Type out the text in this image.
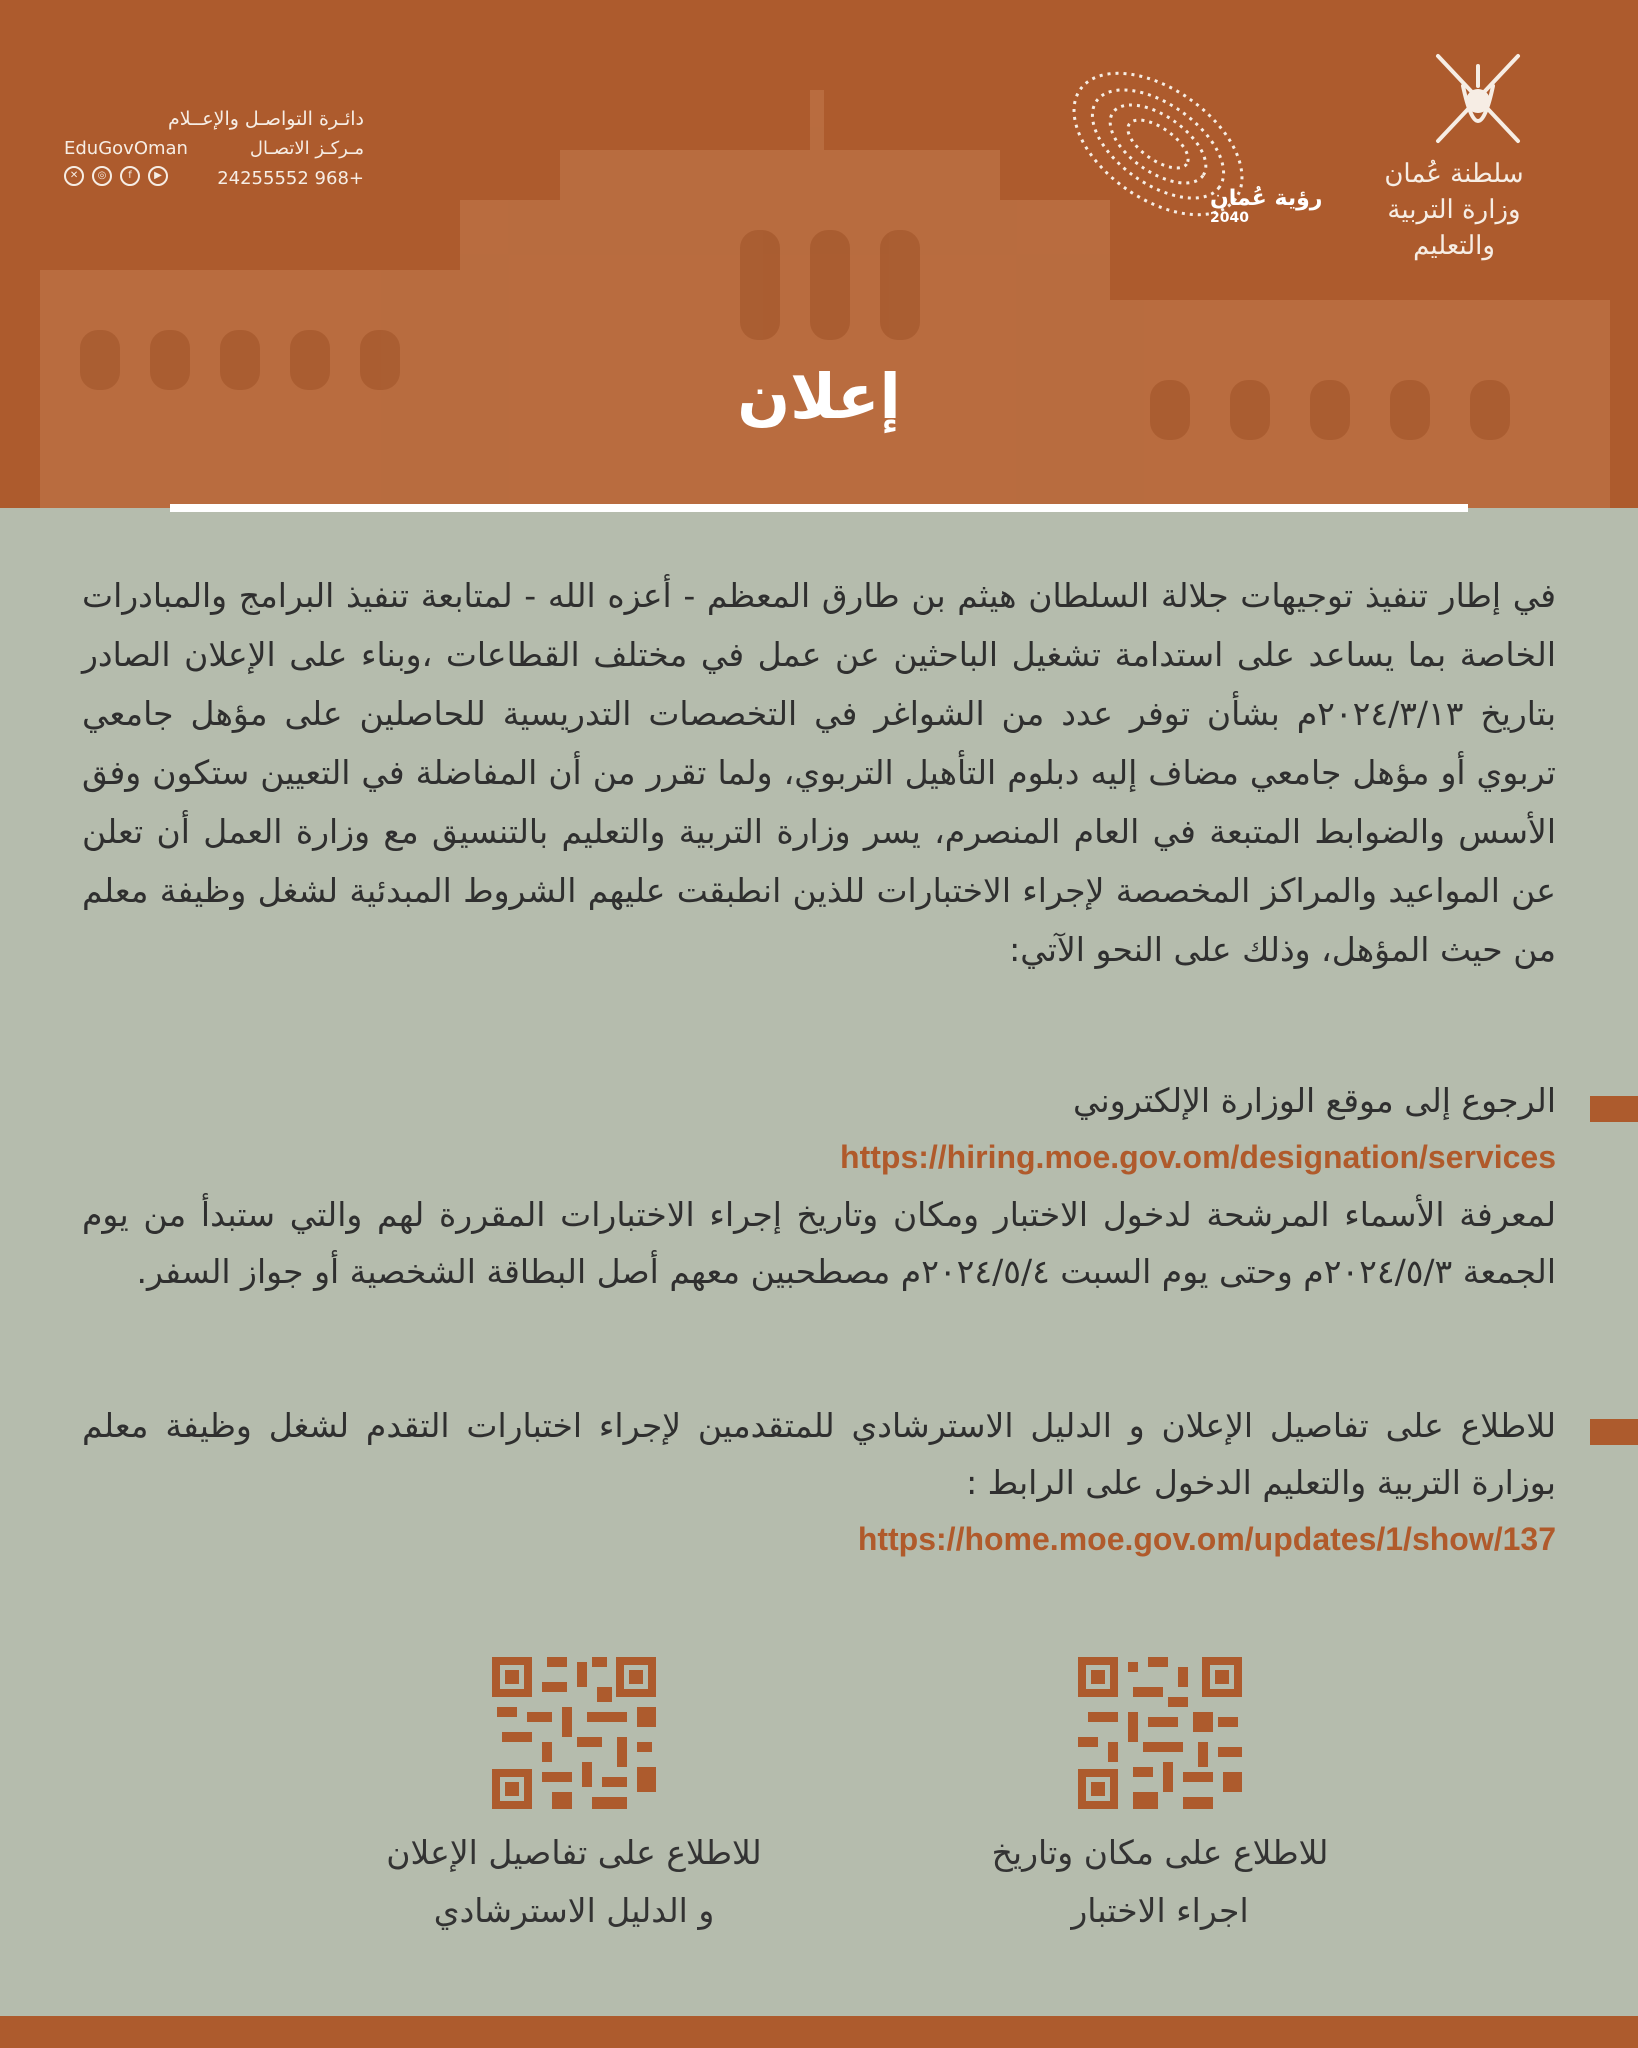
دائـرة التواصـل والإعــلام
مـركـز الاتصـال
EduGovOman
+968 24255552
▶
f
◎
✕
رؤية عُمان
2040
سلطنة عُمان
وزارة التربية والتعليم
إعلان
في إطار تنفيذ توجيهات جلالة السلطان هيثم بن طارق المعظم - أعزه الله - لمتابعة تنفيذ البرامج والمبادرات الخاصة بما يساعد على استدامة تشغيل الباحثين عن عمل في مختلف القطاعات ،وبناء على الإعلان الصادر بتاريخ ٢٠٢٤/٣/١٣م بشأن توفر عدد من الشواغر في التخصصات التدريسية للحاصلين على مؤهل جامعي تربوي أو مؤهل جامعي مضاف إليه دبلوم التأهيل التربوي، ولما تقرر من أن المفاضلة في التعيين ستكون وفق الأسس والضوابط المتبعة في العام المنصرم، يسر وزارة التربية والتعليم بالتنسيق مع وزارة العمل أن تعلن عن المواعيد والمراكز المخصصة لإجراء الاختبارات للذين انطبقت عليهم الشروط المبدئية لشغل وظيفة معلم من حيث المؤهل، وذلك على النحو الآتي:
الرجوع إلى موقع الوزارة الإلكتروني
https://hiring.moe.gov.om/designation/services
لمعرفة الأسماء المرشحة لدخول الاختبار ومكان وتاريخ إجراء الاختبارات المقررة لهم والتي ستبدأ من يوم الجمعة ٢٠٢٤/٥/٣م وحتى يوم السبت ٢٠٢٤/٥/٤م مصطحبين معهم أصل البطاقة الشخصية أو جواز السفر.
للاطلاع على تفاصيل الإعلان و الدليل الاسترشادي للمتقدمين لإجراء اختبارات التقدم لشغل وظيفة معلم بوزارة التربية والتعليم الدخول على الرابط :
https://home.moe.gov.om/updates/1/show/137
للاطلاع على مكان وتاريخ
اجراء الاختبار
للاطلاع على تفاصيل الإعلان
و الدليل الاسترشادي
